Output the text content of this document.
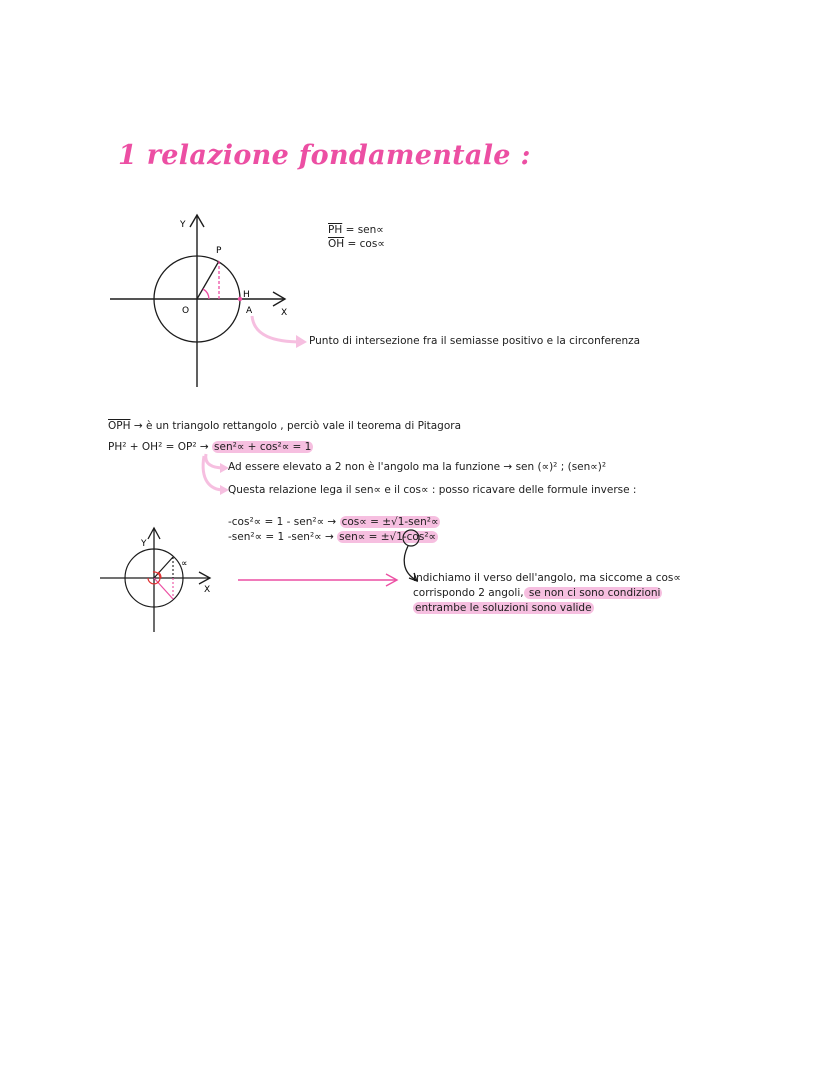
1 relazione fondamentale :
Y
P
O
H
A	X
$\overline{PH} = sen\propto$
$\overline{OH} = \cos\propto$
Punto di intersezione fra il semiasse positivo e la circonferenza
$\overline{OPH}$ → è un triangolo rettangolo , perciò vale il teorema di Pitagora
PH² + OH² = OP² → sen²∝ + cos²∝ = 1
Ad essere elevato a 2 non è l'angolo ma la funzione → sen (∝)² ; (sen∝)²
Questa relazione lega il sen∝ e il cos∝ : posso ricavare delle formule inverse :
-cos²∝ = 1 - sen²∝ → cos∝ = ±√1-sen²∝
-sen²∝ = 1 -sen²∝ → sen∝ = ±√1-cos²∝
Y
X
∝
Indichiamo il verso dell'angolo, ma siccome a cos∝
corrispondo 2 angoli, se non ci sono condizioni
entrambe le soluzioni sono valide
